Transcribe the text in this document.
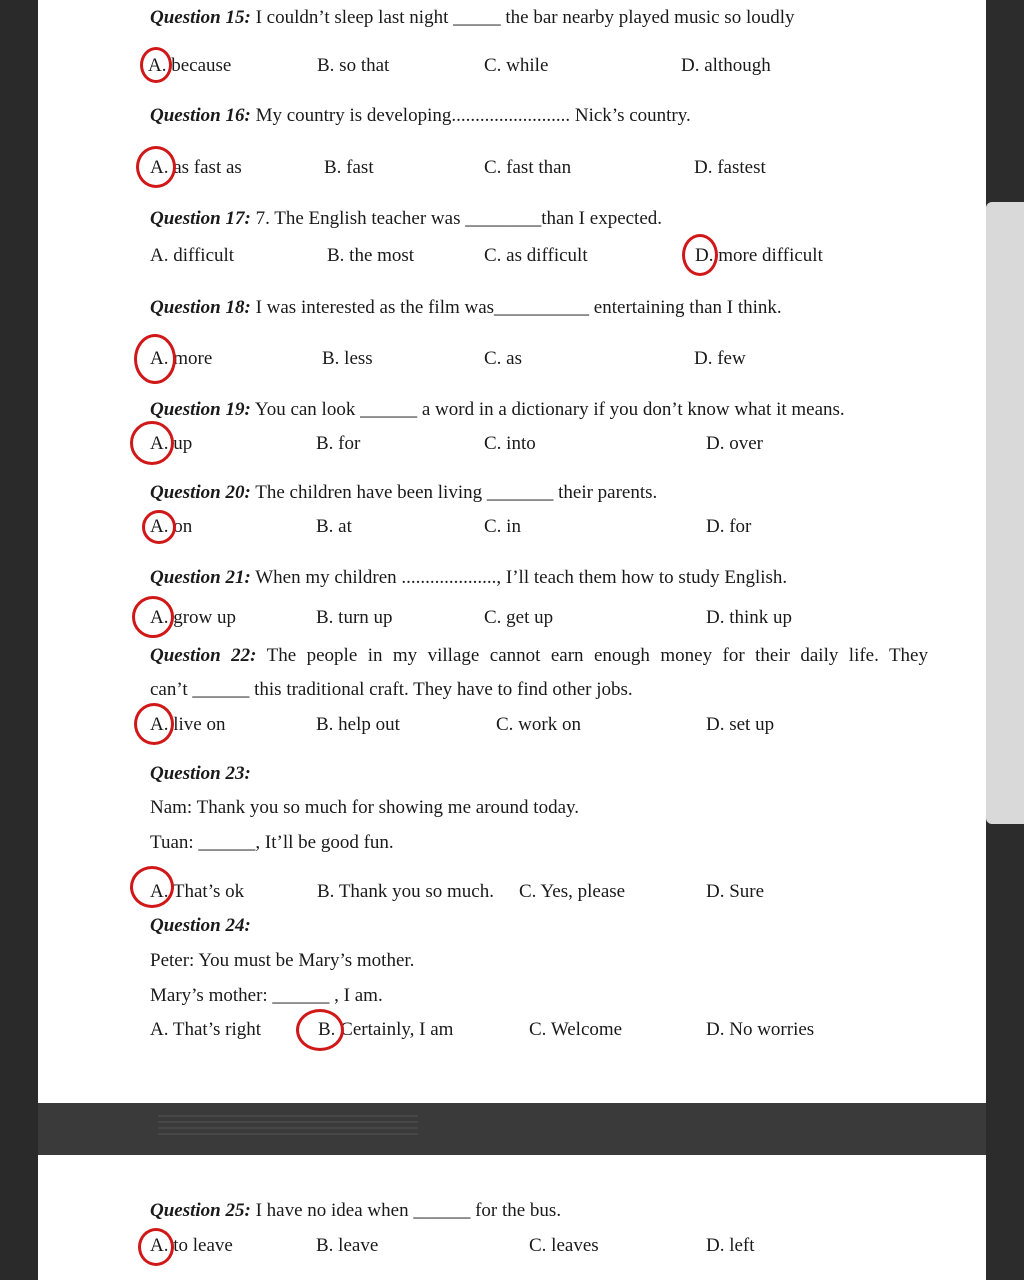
Question 15: I couldn’t sleep last night _____ the bar nearby played music so loudly
A. because	B. so that	C. while	D. although
Question 16: My country is developing......................... Nick’s country.
A. as fast as	B. fast	C. fast than	D. fastest
Question 17: 7. The English teacher was ________than I expected.
A. difficult	B. the most	C. as difficult	D. more difficult
Question 18: I was interested as the film was__________ entertaining than I think.
A. more	B. less	C. as	D. few
Question 19: You can look ______ a word in a dictionary if you don’t know what it means.
A. up	B. for	C. into	D. over
Question 20: The children have been living _______ their parents.
A. on	B. at	C. in	D. for
Question 21: When my children ...................., I’ll teach them how to study English.
A. grow up	B. turn up	C. get up	D. think up
Question 22: The people in my village cannot earn enough money for their daily life. They
can’t ______ this traditional craft. They have to find other jobs.
A. live on	B. help out	C. work on	D. set up
Question 23:
Nam: Thank you so much for showing me around today.
Tuan: ______, It’ll be good fun.
A. That’s ok	B. Thank you so much. C. Yes, please	D. Sure
Question 24:
Peter: You must be Mary’s mother.
Mary’s mother: ______ , I am.
A. That’s right	B. Certainly, I am	C. Welcome	D. No worries
Question 25: I have no idea when ______ for the bus.
A. to leave	B. leave	C. leaves	D. left
